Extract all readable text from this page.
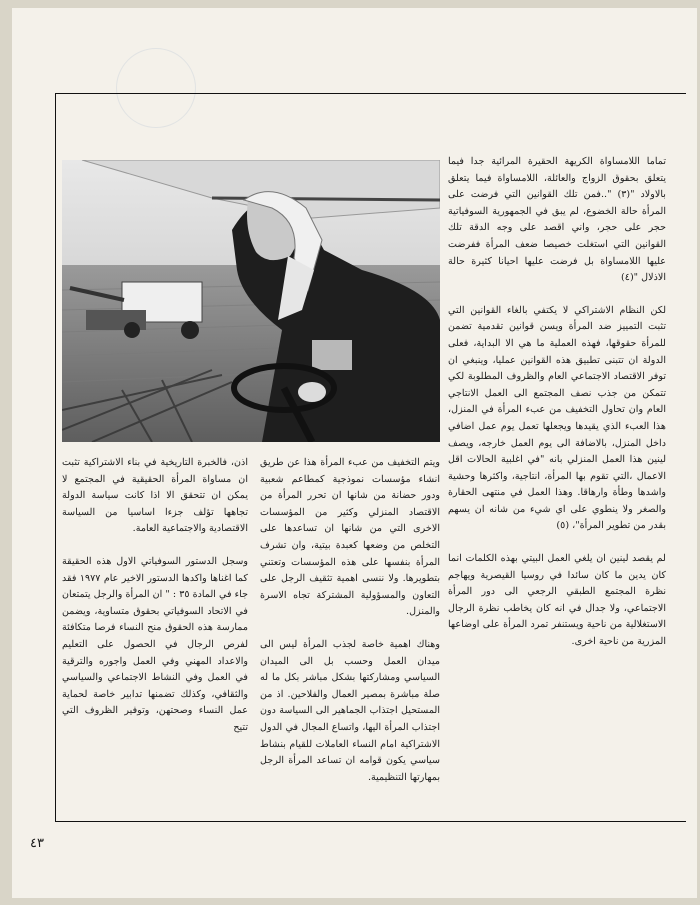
تماما اللامساواة الكريهة الحقيرة المرائية جدا فيما يتعلق بحقوق الزواج والعائلة، اللامساواة فيما يتعلق بالاولاد "(٣) "..فمن تلك القوانين التي فرضت على المرأة حالة الخضوع، لم يبق في الجمهورية السوفياتية حجر على حجر، واني اقصد على وجه الدقة تلك القوانين التي استغلت خصيصا ضعف المرأة ففرضت عليها اللامساواة بل فرضت عليها احيانا كثيرة حالة الاذلال "(٤)

لكن النظام الاشتراكي لا يكتفي بالغاء القوانين التي تثبت التمييز ضد المرأة ويسن قوانين تقدمية تضمن للمرأة حقوقها، فهذه العملية ما هي الا البداية، فعلى الدولة ان تتبنى تطبيق هذه القوانين عمليا، وينبغي ان توفر الاقتصاد الاجتماعي العام والظروف المطلوبة لكي تتمكن من جذب نصف المجتمع الى العمل الانتاجي العام وان تحاول التخفيف من عبء المرأة في المنزل، هذا العبء الذي يقيدها ويجعلها تعمل يوم عمل اضافي داخل المنزل، بالاضافة الى يوم العمل خارجه، ويصف لينين هذا العمل المنزلي بانه "في اغلبية الحالات اقل الاعمال ،التي تقوم بها المرأة، انتاجية، واكثرها وحشية واشدها وطأة وارهاقا. وهذا العمل في منتهى الحقارة والصغر ولا ينطوي على اي شيء من شانه ان يسهم بقدر من تطوير المرأة"، (٥)

لم يقصد لينين ان يلغي العمل البيتي بهذه الكلمات انما كان يدين ما كان سائدا في روسيا القيصرية ويهاجم نظرة المجتمع الطبقي الرجعي الى دور المرأة الاجتماعي، ولا جدال في انه كان يخاطب نظرة الرجال الاستغلالية من ناحية ويستنفر تمرد المرأة على اوضاعها المزرية من ناحية اخرى.

ويتم التخفيف من عبء المرأة هذا عن طريق انشاء مؤسسات نموذجية كمطاعم شعبية ودور حضانة من شانها ان تحرر المرأة من الاقتصاد المنزلي وكثير من المؤسسات الاخرى التي من شانها ان تساعدها على التخلص من وضعها كعبدة بيتية، وان تشرف المرأة بنفسها على هذه المؤسسات وتعتني بتطويرها. ولا ننسى اهمية تثقيف الرجل على التعاون والمسؤولية المشتركة تجاه الاسرة والمنزل.

وهناك اهمية خاصة لجذب المرأة ليس الى ميدان العمل وحسب بل الى الميدان السياسي ومشاركتها بشكل مباشر بكل ما له صلة مباشرة بمصير العمال والفلاحين. اذ من المستحيل اجتذاب الجماهير الى السياسة دون اجتذاب المرأة اليها، واتساع المجال في الدول الاشتراكية امام النساء العاملات للقيام بنشاط سياسي يكون قوامه ان تساعد المرأة الرجل بمهارتها التنظيمية.

اذن، فالخبرة التاريخية في بناء الاشتراكية تثبت ان مساواة المرأة الحقيقية في المجتمع لا يمكن ان تتحقق الا اذا كانت سياسة الدولة تجاهها تؤلف جزءا اساسيا من السياسة الاقتصادية والاجتماعية العامة.

وسجل الدستور السوفياتي الاول هذه الحقيقة كما اغناها واكدها الدستور الاخير عام ١٩٧٧ فقد جاء في المادة ٣٥ : " ان المرأة والرجل يتمتعان في الاتحاد السوفياتي بحقوق متساوية، ويضمن ممارسة هذه الحقوق منح النساء فرصا متكافئة لفرص الرجال في الحصول على التعليم والاعداد المهني وفي العمل واجوره والترقية في العمل وفي النشاط الاجتماعي والسياسي والثقافي، وكذلك تضمنها تدابير خاصة لحماية عمل النساء وصحتهن، وتوفير الظروف التي تتيح

٤٣
